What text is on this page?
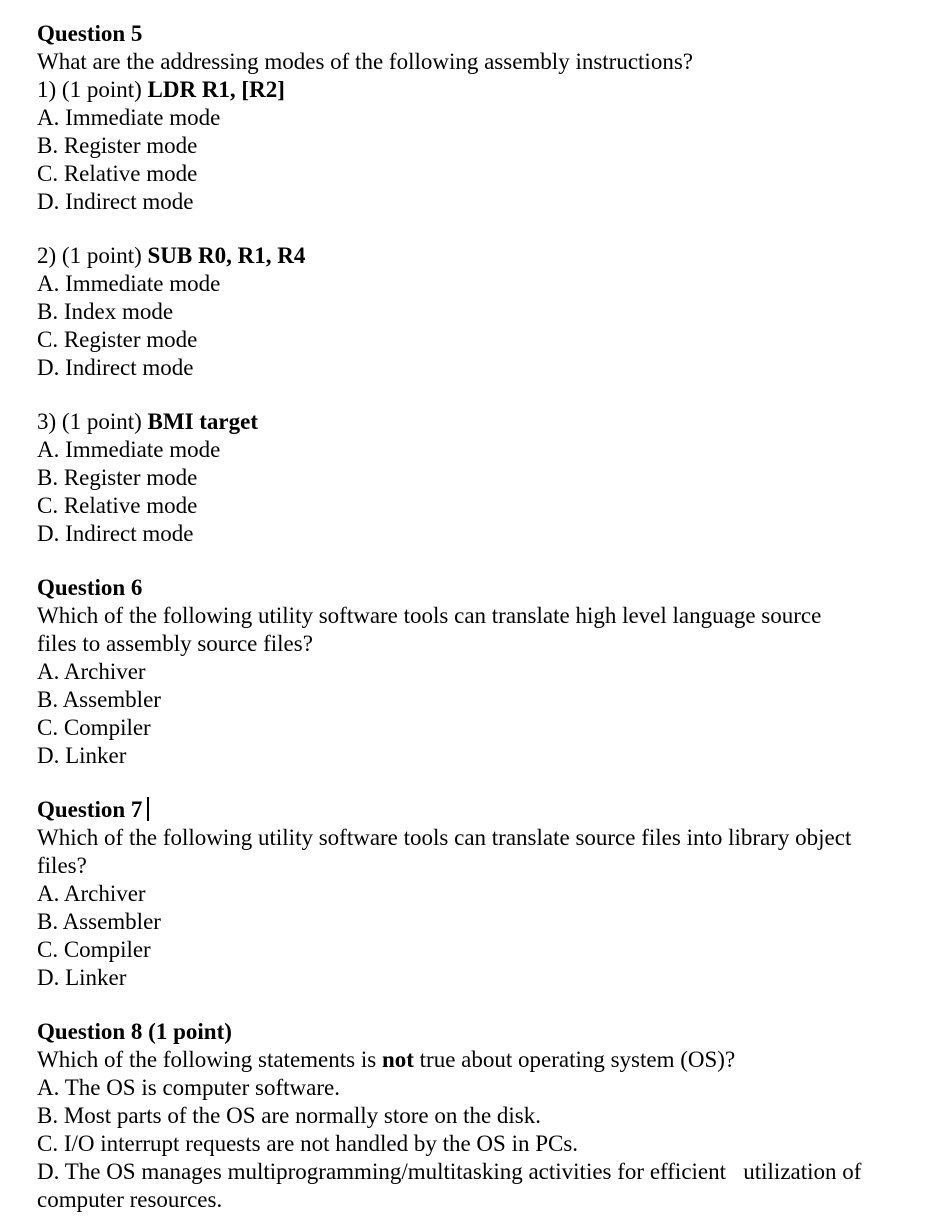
Question 5
What are the addressing modes of the following assembly instructions?
1) (1 point) LDR R1, [R2]
A. Immediate mode
B. Register mode
C. Relative mode
D. Indirect mode
2) (1 point) SUB R0, R1, R4
A. Immediate mode
B. Index mode
C. Register mode
D. Indirect mode
3) (1 point) BMI target
A. Immediate mode
B. Register mode
C. Relative mode
D. Indirect mode
Question 6
Which of the following utility software tools can translate high level language source
files to assembly source files?
A. Archiver
B. Assembler
C. Compiler
D. Linker
Question 7
Which of the following utility software tools can translate source files into library object
files?
A. Archiver
B. Assembler
C. Compiler
D. Linker
Question 8 (1 point)
Which of the following statements is not true about operating system (OS)?
A. The OS is computer software.
B. Most parts of the OS are normally store on the disk.
C. I/O interrupt requests are not handled by the OS in PCs.
D. The OS manages multiprogramming/multitasking activities for efficient   utilization of
computer resources.
